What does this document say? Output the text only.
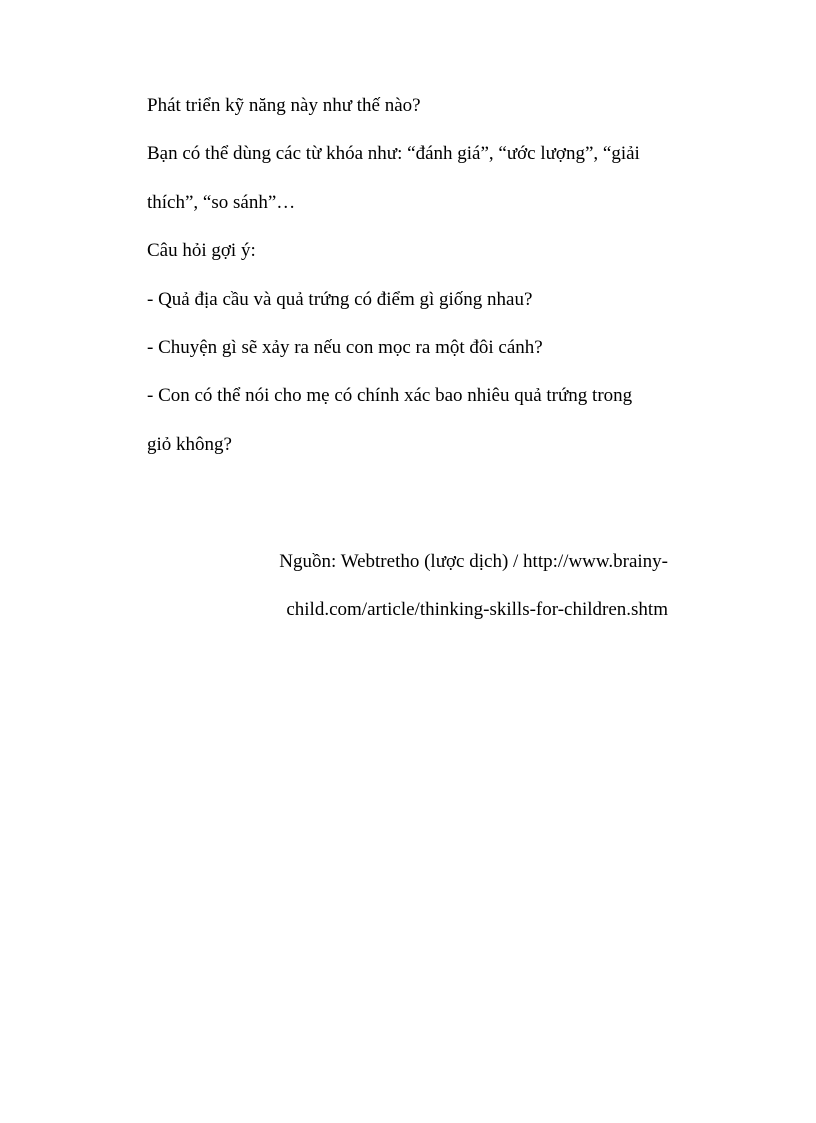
Phát triển kỹ năng này như thế nào?
Bạn có thể dùng các từ khóa như: “đánh giá”, “ước lượng”, “giải
thích”, “so sánh”…
Câu hỏi gợi ý:
- Quả địa cầu và quả trứng có điểm gì giống nhau?
- Chuyện gì sẽ xảy ra nếu con mọc ra một đôi cánh?
- Con có thể nói cho mẹ có chính xác bao nhiêu quả trứng trong
giỏ không?
Nguồn: Webtretho (lược dịch) / http://www.brainy-
child.com/article/thinking-skills-for-children.shtm
